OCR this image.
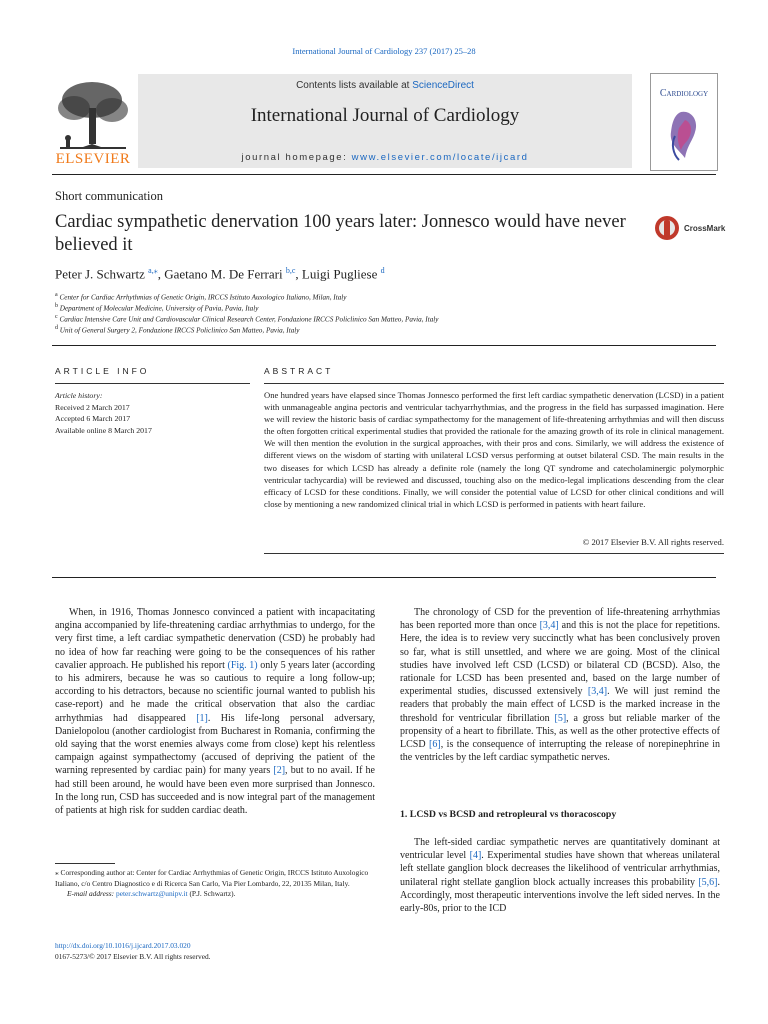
International Journal of Cardiology 237 (2017) 25–28
ELSEVIER
Contents lists available at ScienceDirect
International Journal of Cardiology
journal homepage: www.elsevier.com/locate/ijcard
Cardiology
Short communication
Cardiac sympathetic denervation 100 years later: Jonnesco would have never believed it
CrossMark
Peter J. Schwartz $^{a,⁎}$, Gaetano M. De Ferrari $^{b,c}$, Luigi Pugliese $^d$
$^a$ Center for Cardiac Arrhythmias of Genetic Origin, IRCCS Istituto Auxologico Italiano, Milan, Italy
$^b$ Department of Molecular Medicine, University of Pavia, Pavia, Italy
$^c$ Cardiac Intensive Care Unit and Cardiovascular Clinical Research Center, Fondazione IRCCS Policlinico San Matteo, Pavia, Italy
$^d$ Unit of General Surgery 2, Fondazione IRCCS Policlinico San Matteo, Pavia, Italy
ARTICLE INFO	ABSTRACT
Article history:
Received 2 March 2017
Accepted 6 March 2017
Available online 8 March 2017
One hundred years have elapsed since Thomas Jonnesco performed the first left cardiac sympathetic denervation (LCSD) in a patient with unmanageable angina pectoris and ventricular tachyarrhythmias, and the progress in the field has surpassed imagination. Here we will review the historic basis of cardiac sympathectomy for the management of life-threatening arrhythmias and will then discuss the often forgotten critical experimental studies that provided the rationale for the amazing growth of its role in clinical management. We will then mention the evolution in the surgical approaches, with their pros and cons. Similarly, we will address the existence of different views on the wisdom of starting with unilateral LCSD versus performing at outset bilateral CSD. The main results in the two diseases for which LCSD has already a definite role (namely the long QT syndrome and catecholaminergic polymorphic ventricular tachycardia) will be reviewed and discussed, touching also on the medico-legal implications descending from the clear efficacy of LCSD for these conditions. Finally, we will consider the potential value of LCSD for other clinical conditions and will close by mentioning a new randomized clinical trial in which LCSD is performed in patients with heart failure.
© 2017 Elsevier B.V. All rights reserved.

When, in 1916, Thomas Jonnesco convinced a patient with incapacitating angina accompanied by life-threatening cardiac arrhythmias to undergo, for the very first time, a left cardiac sympathetic denervation (CSD) he probably had no idea of how far reaching were going to be the consequences of his rather cavalier approach. He published his report (Fig. 1) only 5 years later (according to his admirers, because he was so cautious to require a long follow-up; according to his detractors, because no scientific journal wanted to publish his case-report) and he made the critical observation that also the cardiac arrhythmias had disappeared [1]. His life-long personal adversary, Danielopolou (another cardiologist from Bucharest in Romania, confirming the old saying that the worst enemies always come from close) kept his relentless campaign against sympathectomy (accused of depriving the patient of the warning represented by cardiac pain) for many years [2], but to no avail. If he had still been around, he would have been even more surprised than Jonnesco. In the long run, CSD has succeeded and is now integral part of the management of patients at high risk for sudden cardiac death.

The chronology of CSD for the prevention of life-threatening arrhythmias has been reported more than once [3,4] and this is not the place for repetitions. Here, the idea is to review very succinctly what has been conclusively proven so far, what is still unsettled, and where we are going. Most of the clinical studies have involved left CSD (LCSD) or bilateral CD (BCSD). Also, the rationale for LCSD has been presented and, based on the large number of experimental studies, discussed extensively [3,4]. We will just remind the readers that probably the main effect of LCSD is the marked increase in the threshold for ventricular fibrillation [5], a gross but reliable marker of the propensity of a heart to fibrillate. This, as well as the other protective effects of LCSD [6], is the consequence of interrupting the release of norepinephrine in the ventricles by the left cardiac sympathetic nerves.

1. LCSD vs BCSD and retropleural vs thoracoscopy

The left-sided cardiac sympathetic nerves are quantitatively dominant at ventricular level [4]. Experimental studies have shown that whereas unilateral left stellate ganglion block decreases the likelihood of ventricular arrhythmias, unilateral right stellate ganglion block actually increases this probability [5,6]. Accordingly, most therapeutic interventions involve the left sided nerves. In the early-80s, prior to the ICD

⁎ Corresponding author at: Center for Cardiac Arrhythmias of Genetic Origin, IRCCS Istituto Auxologico Italiano, c/o Centro Diagnostico e di Ricerca San Carlo, Via Pier Lombardo, 22, 20135 Milan, Italy.

E-mail address: peter.schwartz@unipv.it (P.J. Schwartz).

http://dx.doi.org/10.1016/j.ijcard.2017.03.020
0167-5273/© 2017 Elsevier B.V. All rights reserved.
